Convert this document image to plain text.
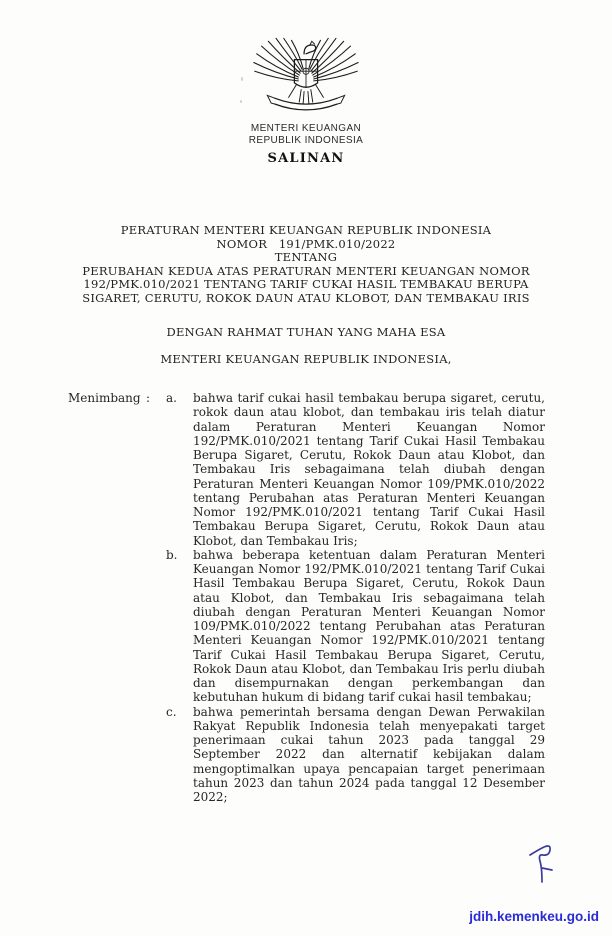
MENTERI KEUANGAN
REPUBLIK INDONESIA
SALINAN
PERATURAN MENTERI KEUANGAN REPUBLIK INDONESIA
NOMOR   191/PMK.010/2022
TENTANG
PERUBAHAN KEDUA ATAS PERATURAN MENTERI KEUANGAN NOMOR
192/PMK.010/2021 TENTANG TARIF CUKAI HASIL TEMBAKAU BERUPA
SIGARET, CERUTU, ROKOK DAUN ATAU KLOBOT, DAN TEMBAKAU IRIS
DENGAN RAHMAT TUHAN YANG MAHA ESA
MENTERI KEUANGAN REPUBLIK INDONESIA,
Menimbang :	a.	bahwa tarif cukai hasil tembakau berupa sigaret, cerutu, rokok daun atau klobot, dan tembakau iris telah diatur dalam Peraturan Menteri Keuangan Nomor 192/PMK.010/2021 tentang Tarif Cukai Hasil Tembakau Berupa Sigaret, Cerutu, Rokok Daun atau Klobot, dan Tembakau Iris sebagaimana telah diubah dengan Peraturan Menteri Keuangan Nomor 109/PMK.010/2022 tentang Perubahan atas Peraturan Menteri Keuangan Nomor 192/PMK.010/2021 tentang Tarif Cukai Hasil Tembakau Berupa Sigaret, Cerutu, Rokok Daun atau Klobot, dan Tembakau Iris;
b.	bahwa beberapa ketentuan dalam Peraturan Menteri Keuangan Nomor 192/PMK.010/2021 tentang Tarif Cukai Hasil Tembakau Berupa Sigaret, Cerutu, Rokok Daun atau Klobot, dan Tembakau Iris sebagaimana telah diubah dengan Peraturan Menteri Keuangan Nomor 109/PMK.010/2022 tentang Perubahan atas Peraturan Menteri Keuangan Nomor 192/PMK.010/2021 tentang Tarif Cukai Hasil Tembakau Berupa Sigaret, Cerutu, Rokok Daun atau Klobot, dan Tembakau Iris perlu diubah dan disempurnakan dengan perkembangan dan kebutuhan hukum di bidang tarif cukai hasil tembakau;
c.	bahwa pemerintah bersama dengan Dewan Perwakilan Rakyat Republik Indonesia telah menyepakati target penerimaan cukai tahun 2023 pada tanggal 29 September 2022 dan alternatif kebijakan dalam mengoptimalkan upaya pencapaian target penerimaan tahun 2023 dan tahun 2024 pada tanggal 12 Desember 2022;
jdih.kemenkeu.go.id
